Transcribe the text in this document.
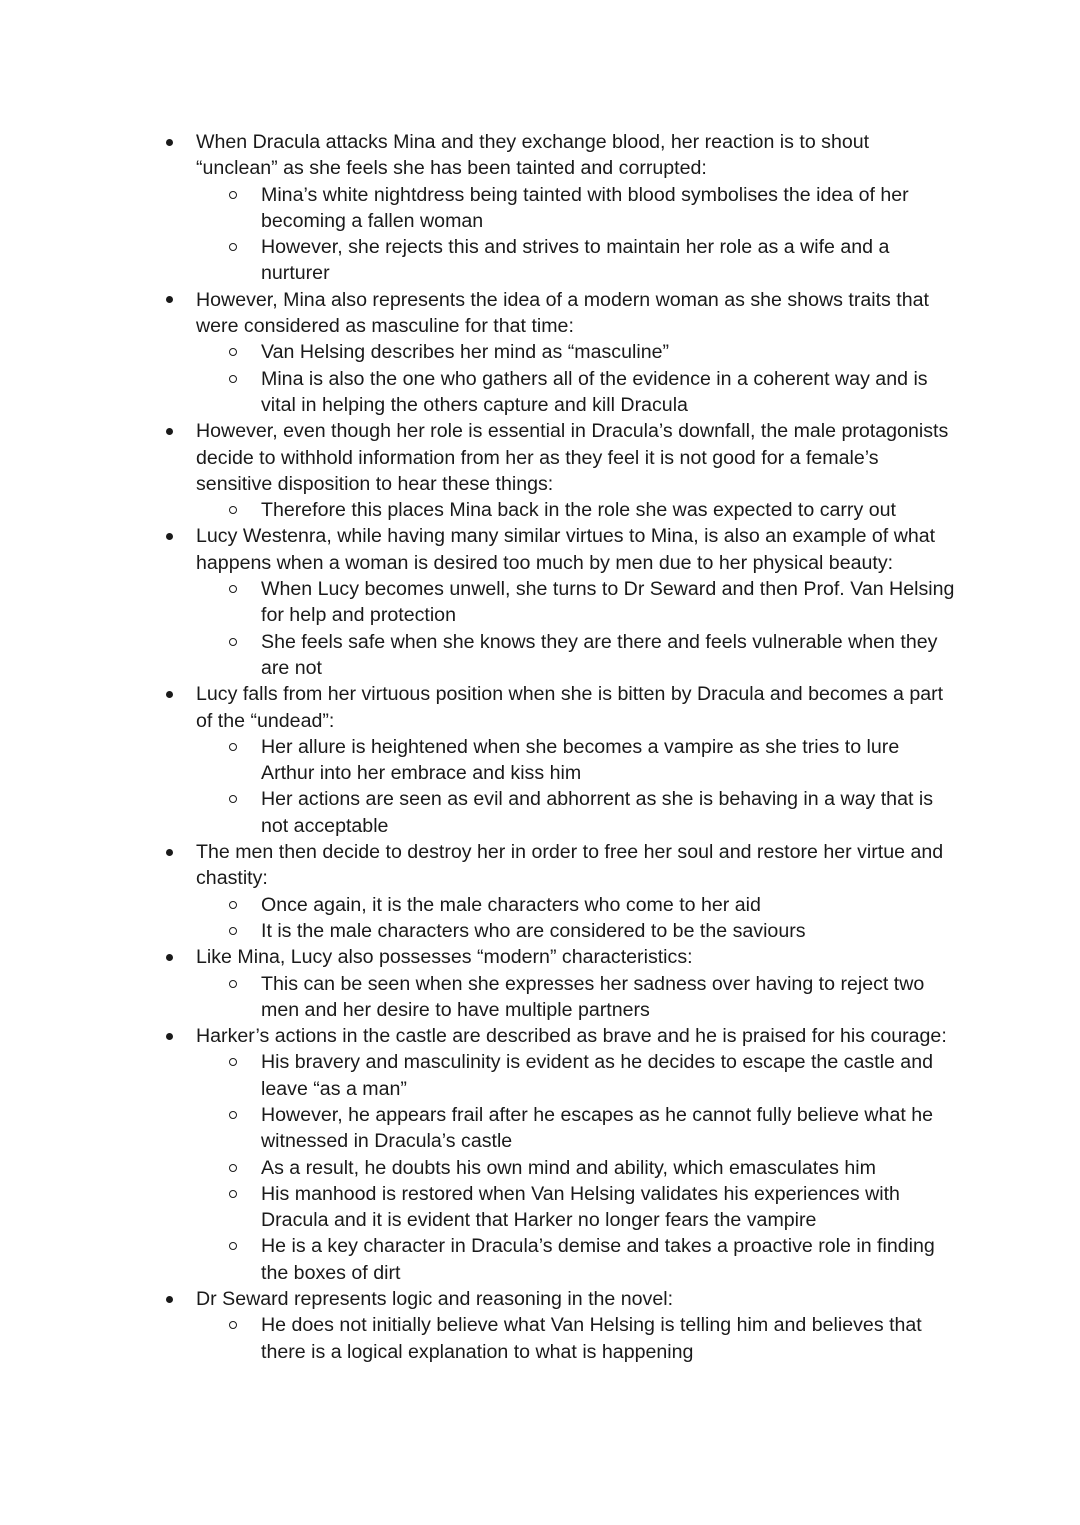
When Dracula attacks Mina and they exchange blood, her reaction is to shout “unclean” as she feels she has been tainted and corrupted:
Mina’s white nightdress being tainted with blood symbolises the idea of her becoming a fallen woman
However, she rejects this and strives to maintain her role as a wife and a nurturer
However, Mina also represents the idea of a modern woman as she shows traits that were considered as masculine for that time:
Van Helsing describes her mind as “masculine”
Mina is also the one who gathers all of the evidence in a coherent way and is vital in helping the others capture and kill Dracula
However, even though her role is essential in Dracula’s downfall, the male protagonists decide to withhold information from her as they feel it is not good for a female’s sensitive disposition to hear these things:
Therefore this places Mina back in the role she was expected to carry out
Lucy Westenra, while having many similar virtues to Mina, is also an example of what happens when a woman is desired too much by men due to her physical beauty:
When Lucy becomes unwell, she turns to Dr Seward and then Prof. Van Helsing for help and protection
She feels safe when she knows they are there and feels vulnerable when they are not
Lucy falls from her virtuous position when she is bitten by Dracula and becomes a part of the “undead”:
Her allure is heightened when she becomes a vampire as she tries to lure Arthur into her embrace and kiss him
Her actions are seen as evil and abhorrent as she is behaving in a way that is not acceptable
The men then decide to destroy her in order to free her soul and restore her virtue and chastity:
Once again, it is the male characters who come to her aid
It is the male characters who are considered to be the saviours
Like Mina, Lucy also possesses “modern” characteristics:
This can be seen when she expresses her sadness over having to reject two men and her desire to have multiple partners
Harker’s actions in the castle are described as brave and he is praised for his courage:
His bravery and masculinity is evident as he decides to escape the castle and leave “as a man”
However, he appears frail after he escapes as he cannot fully believe what he witnessed in Dracula’s castle
As a result, he doubts his own mind and ability, which emasculates him
His manhood is restored when Van Helsing validates his experiences with Dracula and it is evident that Harker no longer fears the vampire
He is a key character in Dracula’s demise and takes a proactive role in finding the boxes of dirt
Dr Seward represents logic and reasoning in the novel:
He does not initially believe what Van Helsing is telling him and believes that there is a logical explanation to what is happening
